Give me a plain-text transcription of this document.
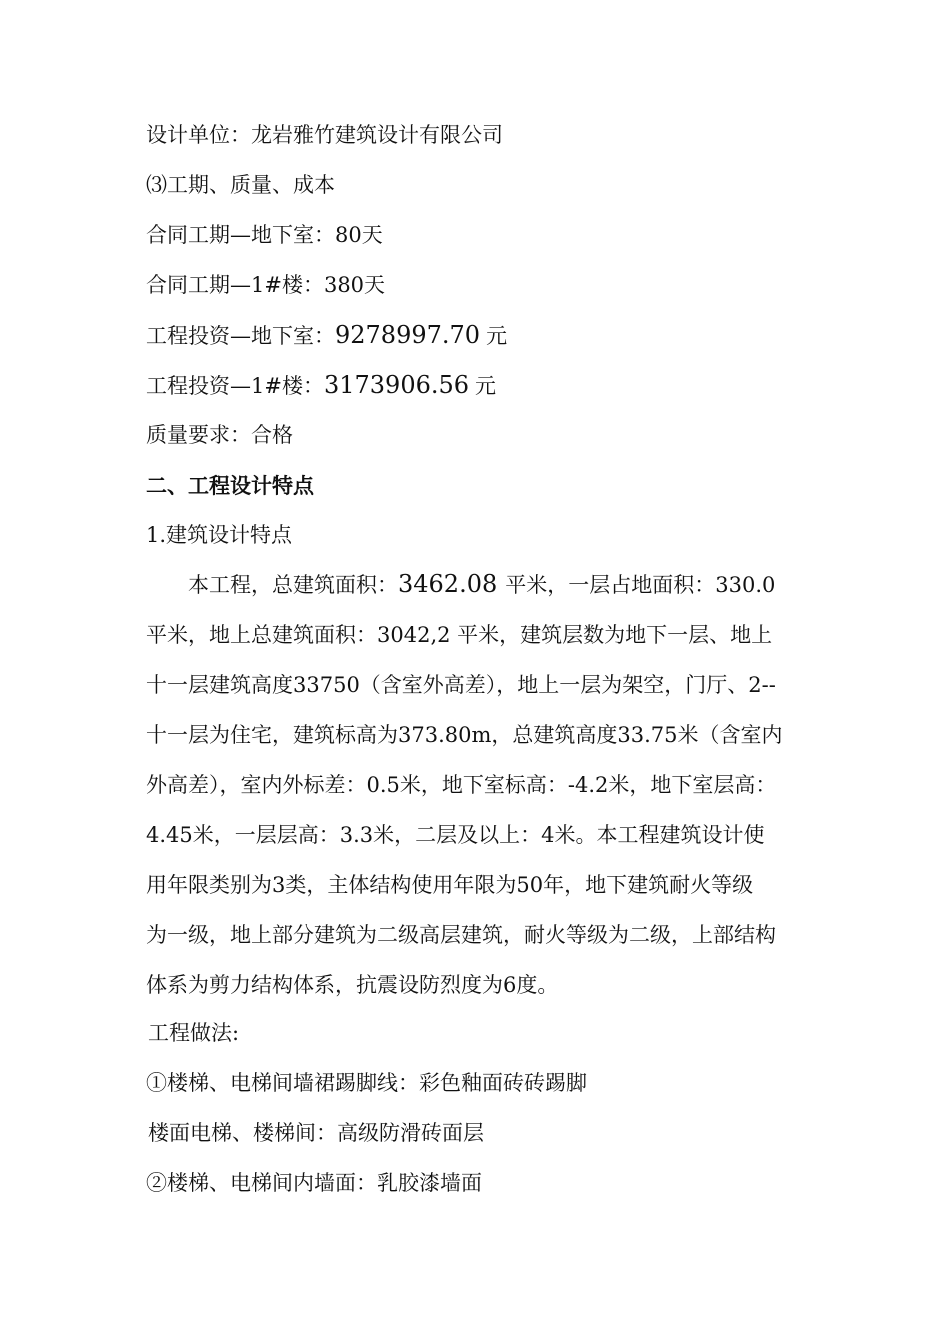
设计单位：龙岩雅竹建筑设计有限公司
⑶工期、质量、成本
合同工期—地下室：80天
合同工期—1#楼：380天
工程投资—地下室：9278997.70 元
工程投资—1#楼：3173906.56 元
质量要求：合格
二、工程设计特点
1.建筑设计特点
本工程，总建筑面积：3462.08 平米，一层占地面积：330.0
平米，地上总建筑面积：3042,2 平米，建筑层数为地下一层、地上
十一层建筑高度33750（含室外高差），地上一层为架空，门厅、2--
十一层为住宅，建筑标高为373.80m，总建筑高度33.75米（含室内
外高差），室内外标差：0.5米，地下室标高：-4.2米，地下室层高：
4.45米，一层层高：3.3米，二层及以上：4米。本工程建筑设计使
用年限类别为3类，主体结构使用年限为50年，地下建筑耐火等级
为一级，地上部分建筑为二级高层建筑，耐火等级为二级，上部结构
体系为剪力结构体系，抗震设防烈度为6度。
工程做法:
①楼梯、电梯间墙裙踢脚线：彩色釉面砖砖踢脚
楼面电梯、楼梯间：高级防滑砖面层
②楼梯、电梯间内墙面：乳胶漆墙面
